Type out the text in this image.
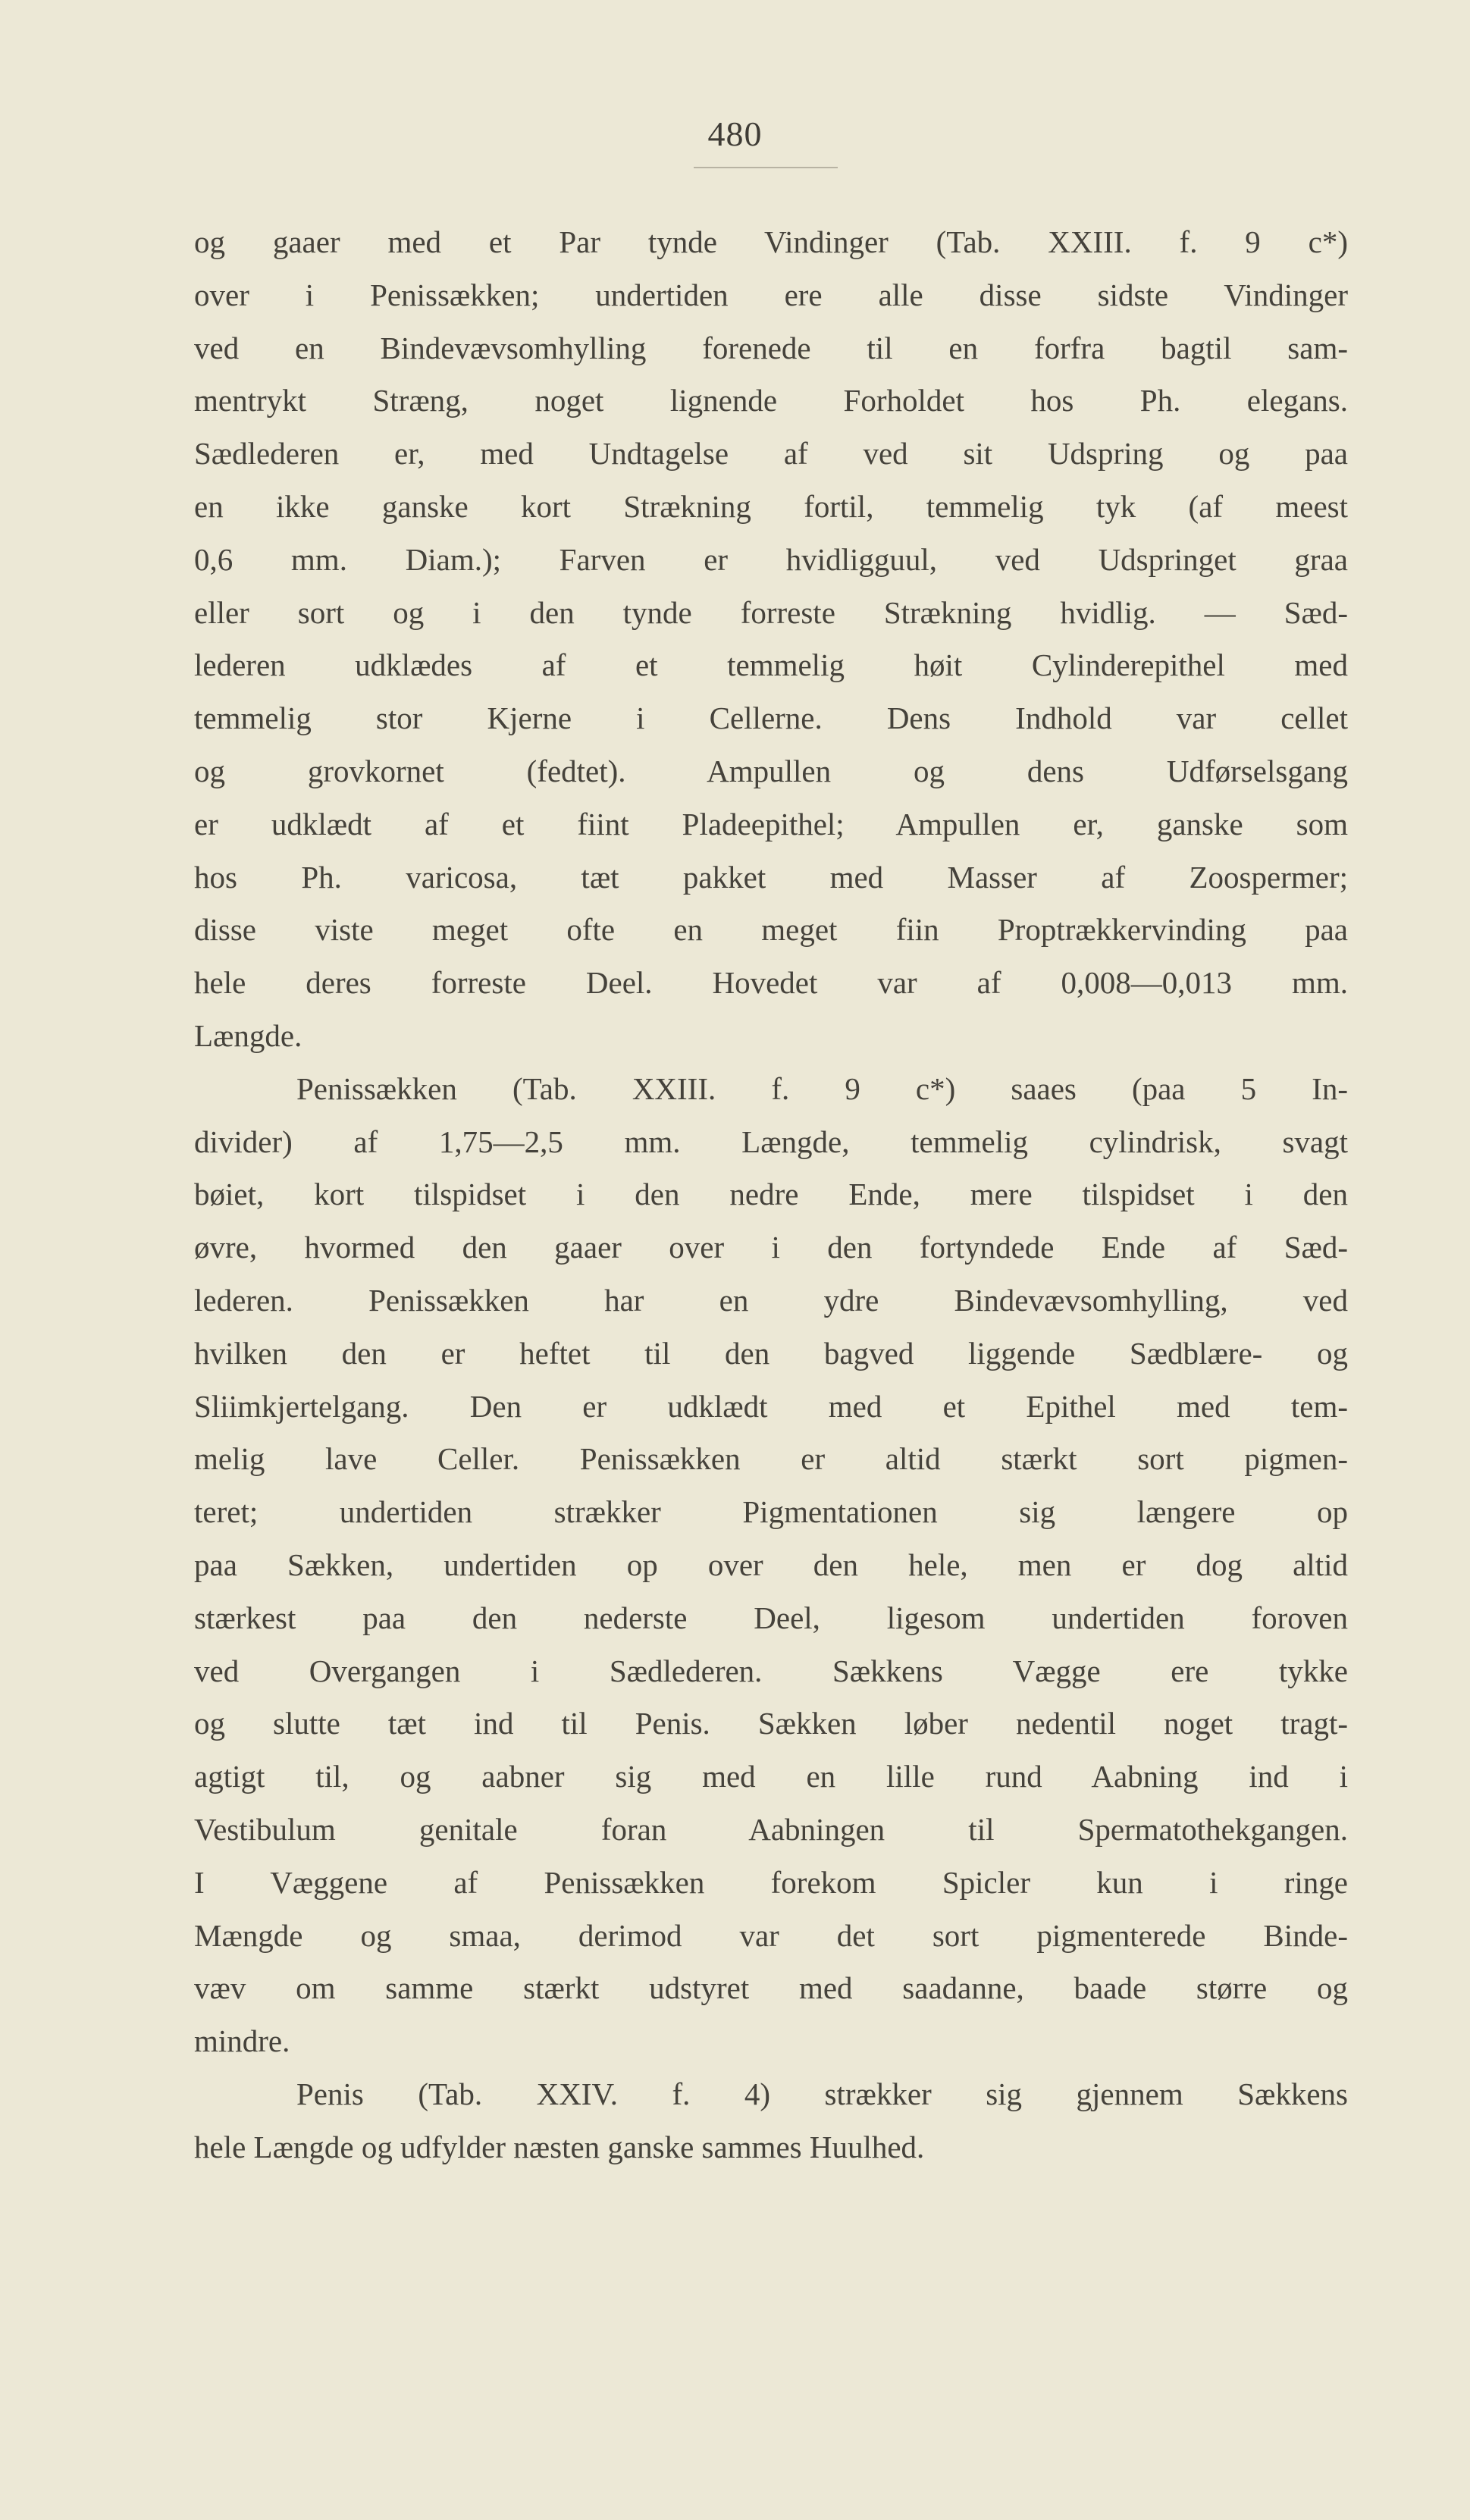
480
og gaaer med et Par tynde Vindinger (Tab. XXIII. f. 9 c*)
over i Penissækken; undertiden ere alle disse sidste Vindinger
ved en Bindevævsomhylling forenede til en forfra bagtil sam-
mentrykt Stræng, noget lignende Forholdet hos Ph. elegans.
Sædlederen er, med Undtagelse af ved sit Udspring og paa
en ikke ganske kort Strækning fortil, temmelig tyk (af meest
0,6 mm. Diam.); Farven er hvidligguul, ved Udspringet graa
eller sort og i den tynde forreste Strækning hvidlig. — Sæd-
lederen udklædes af et temmelig høit Cylinderepithel med
temmelig stor Kjerne i Cellerne. Dens Indhold var cellet
og grovkornet (fedtet). Ampullen og dens Udførselsgang
er udklædt af et fiint Pladeepithel; Ampullen er, ganske som
hos Ph. varicosa, tæt pakket med Masser af Zoospermer;
disse viste meget ofte en meget fiin Proptrækkervinding paa
hele deres forreste Deel. Hovedet var af 0,008—0,013 mm.
Længde.
Penissækken (Tab. XXIII. f. 9 c*) saaes (paa 5 In-
divider) af 1,75—2,5 mm. Længde, temmelig cylindrisk, svagt
bøiet, kort tilspidset i den nedre Ende, mere tilspidset i den
øvre, hvormed den gaaer over i den fortyndede Ende af Sæd-
lederen. Penissækken har en ydre Bindevævsomhylling, ved
hvilken den er heftet til den bagved liggende Sædblære- og
Sliimkjertelgang. Den er udklædt med et Epithel med tem-
melig lave Celler. Penissækken er altid stærkt sort pigmen-
teret; undertiden strækker Pigmentationen sig længere op
paa Sækken, undertiden op over den hele, men er dog altid
stærkest paa den nederste Deel, ligesom undertiden foroven
ved Overgangen i Sædlederen. Sækkens Vægge ere tykke
og slutte tæt ind til Penis. Sækken løber nedentil noget tragt-
agtigt til, og aabner sig med en lille rund Aabning ind i
Vestibulum genitale foran Aabningen til Spermatothekgangen.
I Væggene af Penissækken forekom Spicler kun i ringe
Mængde og smaa, derimod var det sort pigmenterede Binde-
væv om samme stærkt udstyret med saadanne, baade større og
mindre.
Penis (Tab. XXIV. f. 4) strækker sig gjennem Sækkens
hele Længde og udfylder næsten ganske sammes Huulhed.
